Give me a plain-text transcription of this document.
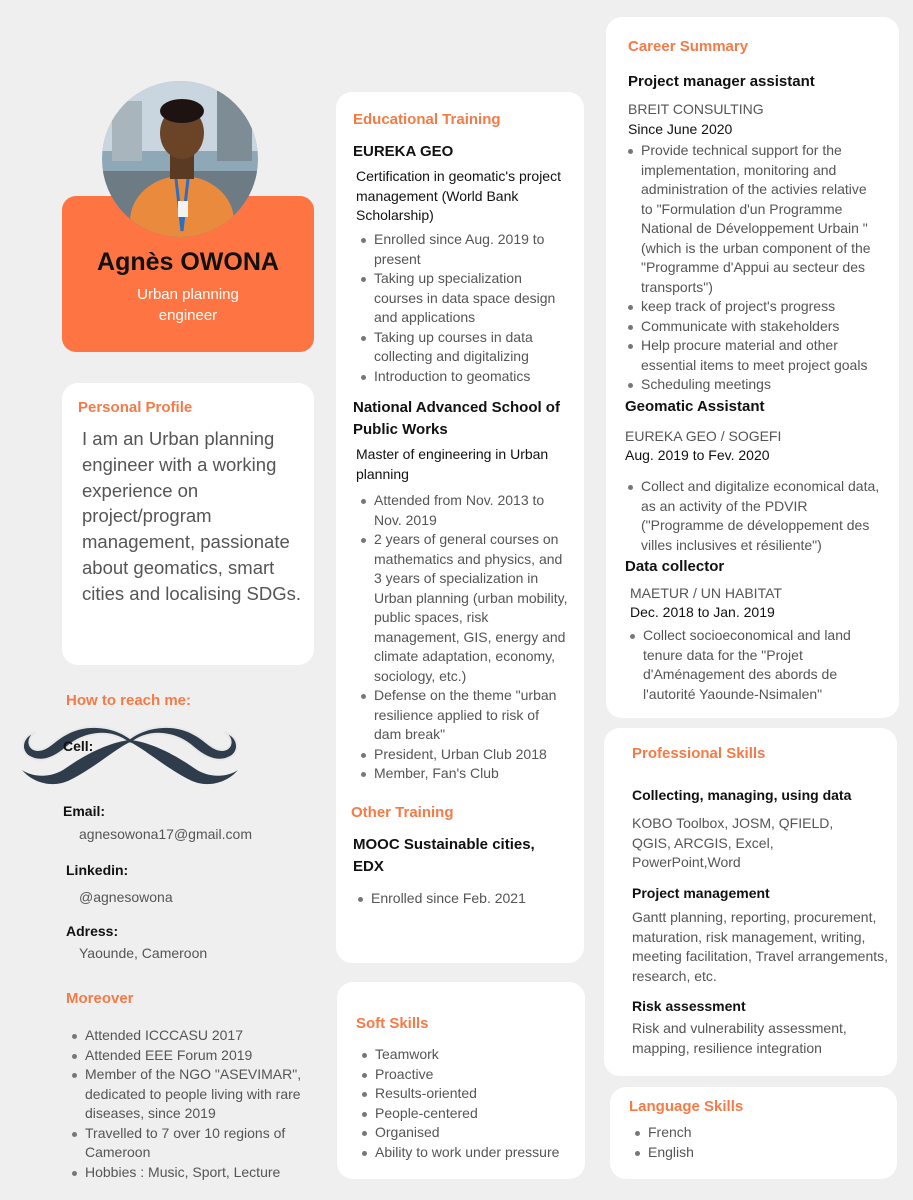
Agnès OWONA
Urban planning
engineer
Personal Profile
I am an Urban planning engineer with a working experience on project/program management, passionate about geomatics, smart cities and localising SDGs.
How to reach me:
Cell:
Email:
agnesowona17@gmail.com
Linkedin:
@agnesowona
Adress:
Yaounde, Cameroon
Moreover
Attended ICCCASU 2017
Attended EEE Forum 2019
Member of the NGO "ASEVIMAR", dedicated to people living with rare diseases, since 2019
Travelled to 7 over 10 regions of Cameroon
Hobbies : Music, Sport, Lecture
Educational Training
EUREKA GEO
Certification in geomatic's project management (World Bank Scholarship)
Enrolled since Aug. 2019 to present
Taking up specialization courses in data space design and applications
Taking up courses in data collecting and digitalizing
Introduction to geomatics
National Advanced School of Public Works
Master of engineering in Urban planning
Attended from Nov. 2013 to Nov. 2019
2 years of general courses on mathematics and physics, and 3 years of specialization in Urban planning (urban mobility, public spaces, risk management, GIS, energy and climate adaptation, economy, sociology, etc.)
Defense on the theme "urban resilience applied to risk of dam break"
President, Urban Club 2018
Member, Fan's Club
Other Training
MOOC Sustainable cities, EDX
Enrolled since Feb. 2021
Soft Skills
Teamwork
Proactive
Results-oriented
People-centered
Organised
Ability to work under pressure
Career Summary
Project manager assistant
BREIT CONSULTING
Since June 2020
Provide technical support for the implementation, monitoring and administration of the activies relative to "Formulation d'un Programme National de Développement Urbain " (which is the urban component of the "Programme d'Appui au secteur des transports")
keep track of project's progress
Communicate with stakeholders
Help procure material and other essential items to meet project goals
Scheduling meetings
Geomatic Assistant
EUREKA GEO / SOGEFI
Aug. 2019 to Fev. 2020
Collect and digitalize economical data, as an activity of the PDVIR ("Programme de développement des villes inclusives et résiliente")
Data collector
MAETUR / UN HABITAT
Dec. 2018 to Jan. 2019
Collect socioeconomical and land tenure data for the "Projet d'Aménagement des abords de l'autorité Yaounde-Nsimalen"
Professional Skills
Collecting, managing, using data
KOBO Toolbox, JOSM, QFIELD, QGIS, ARCGIS, Excel, PowerPoint,Word
Project management
Gantt planning, reporting, procurement, maturation, risk management, writing, meeting facilitation, Travel arrangements, research, etc.
Risk assessment
Risk and vulnerability assessment, mapping, resilience integration
Language Skills
French
English
